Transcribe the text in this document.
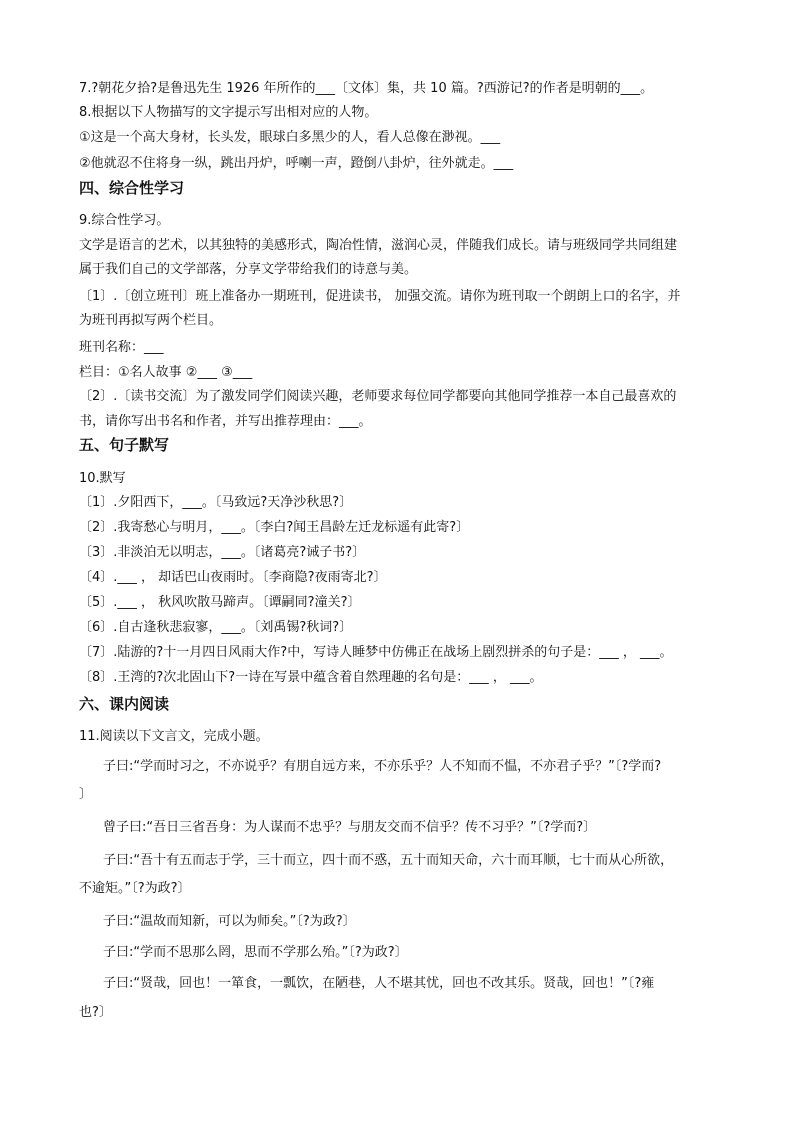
7.?朝花夕拾?是鲁迅先生 1926 年所作的___〔文体〕集，共 10 篇。?西游记?的作者是明朝的___。
8.根据以下人物描写的文字提示写出相对应的人物。
①这是一个高大身材，长头发，眼球白多黑少的人，看人总像在渺视。___
②他就忍不住将身一纵，跳出丹炉，呼喇一声，蹬倒八卦炉，往外就走。___
四、综合性学习
9.综合性学习。
文学是语言的艺术，以其独特的美感形式，陶冶性情，滋润心灵，伴随我们成长。请与班级同学共同组建
属于我们自己的文学部落，分享文学带给我们的诗意与美。
〔1〕.〔创立班刊〕班上准备办一期班刊，促进读书， 加强交流。请你为班刊取一个朗朗上口的名字，并
为班刊再拟写两个栏目。
班刊名称：___
栏目：①名人故事 ②___ ③___
〔2〕.〔读书交流〕为了激发同学们阅读兴趣，老师要求每位同学都要向其他同学推荐一本自己最喜欢的
书，请你写出书名和作者，并写出推荐理由：___。
五、句子默写
10.默写
〔1〕.夕阳西下，___。〔马致远?天净沙秋思?〕
〔2〕.我寄愁心与明月，___。〔李白?闻王昌龄左迁龙标遥有此寄?〕
〔3〕.非淡泊无以明志，___。〔诸葛亮?诫子书?〕
〔4〕.___ ， 却话巴山夜雨时。〔李商隐?夜雨寄北?〕
〔5〕.___ ， 秋风吹散马蹄声。〔谭嗣同?潼关?〕
〔6〕.自古逢秋悲寂寥，___。〔刘禹锡?秋词?〕
〔7〕.陆游的?十一月四日风雨大作?中，写诗人睡梦中仿佛正在战场上剧烈拼杀的句子是：___ ， ___。
〔8〕.王湾的?次北固山下?一诗在写景中蕴含着自然理趣的名句是：___ ， ___。
六、课内阅读
11.阅读以下文言文，完成小题。
子曰:“学而时习之，不亦说乎？有朋自远方来，不亦乐乎？人不知而不愠，不亦君子乎？”〔?学而?
〕
曾子曰:“吾日三省吾身：为人谋而不忠乎？与朋友交而不信乎？传不习乎？”〔?学而?〕
子曰:“吾十有五而志于学，三十而立，四十而不惑，五十而知天命，六十而耳顺，七十而从心所欲，
不逾矩。”〔?为政?〕
子曰:“温故而知新，可以为师矣。”〔?为政?〕
子曰:“学而不思那么罔，思而不学那么殆。”〔?为政?〕
子曰:“贤哉，回也！一箪食，一瓢饮，在陋巷，人不堪其忧，回也不改其乐。贤哉，回也！”〔?雍
也?〕
